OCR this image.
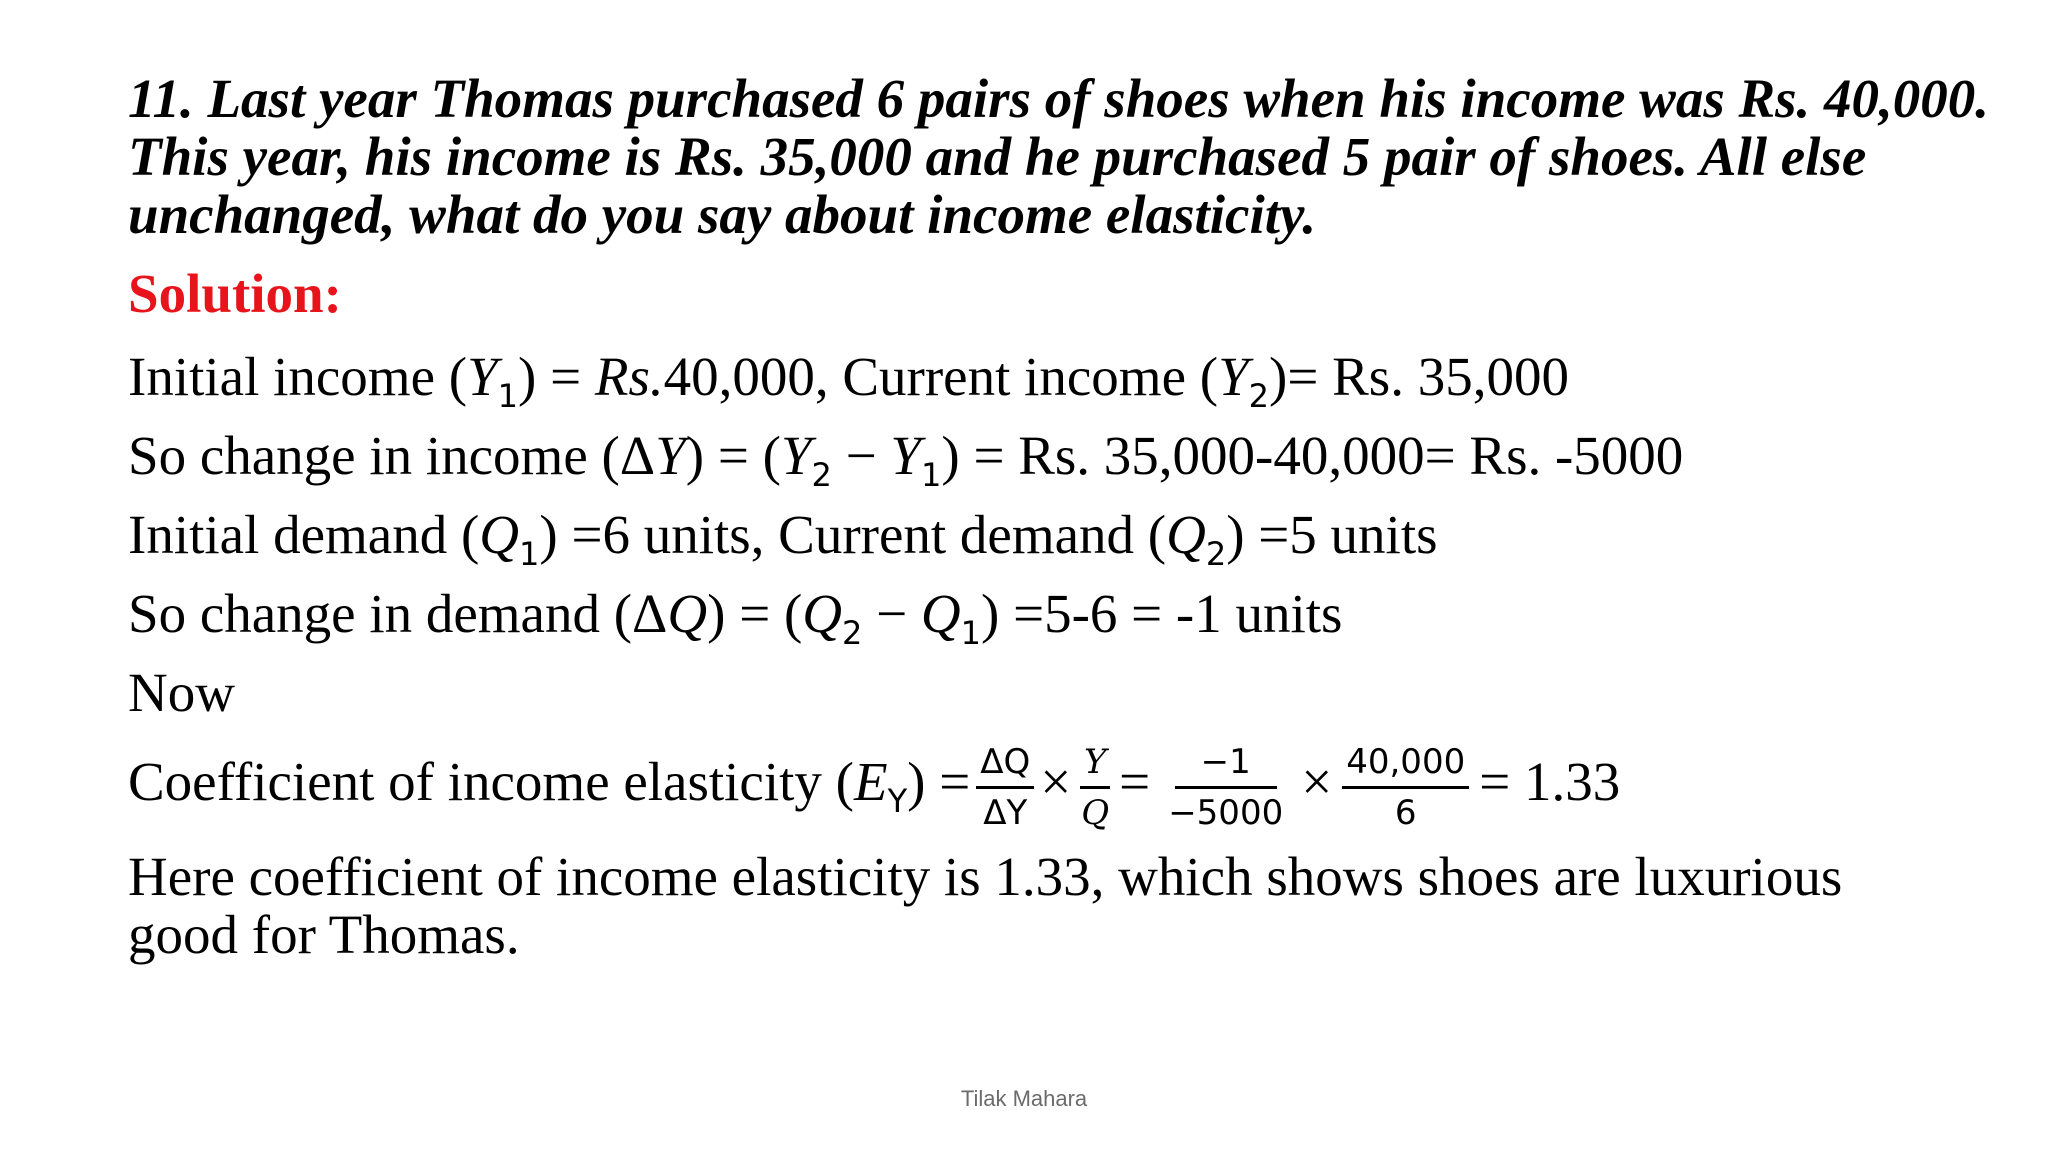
11. Last year Thomas purchased 6 pairs of shoes when his income was Rs. 40,000. This year, his income is Rs. 35,000 and he purchased 5 pair of shoes. All else unchanged, what do you say about income elasticity.
Solution:
Initial income $(Y_1) = Rs.40,000$, Current income $(Y_2)= Rs$. 35,000
So change in income $(\Delta Y) = (Y_2 - Y_1) = Rs$. 35,000-40,000= Rs. -5000
Initial demand $(Q_1) =6$ units, Current demand $(Q_2) =5$ units
So change in demand $(\Delta Q) = (Q_2 - Q_1) =5-6 = -1$ units
Now
Coefficient of income elasticity $(E_Y) = \frac{\Delta Q}{\Delta Y} \times \frac{Y}{Q} = \frac{-1}{-5000} \times \frac{40,000}{6} = 1.33$
Here coefficient of income elasticity is 1.33, which shows shoes are luxurious good for Thomas.
Tilak Mahara
